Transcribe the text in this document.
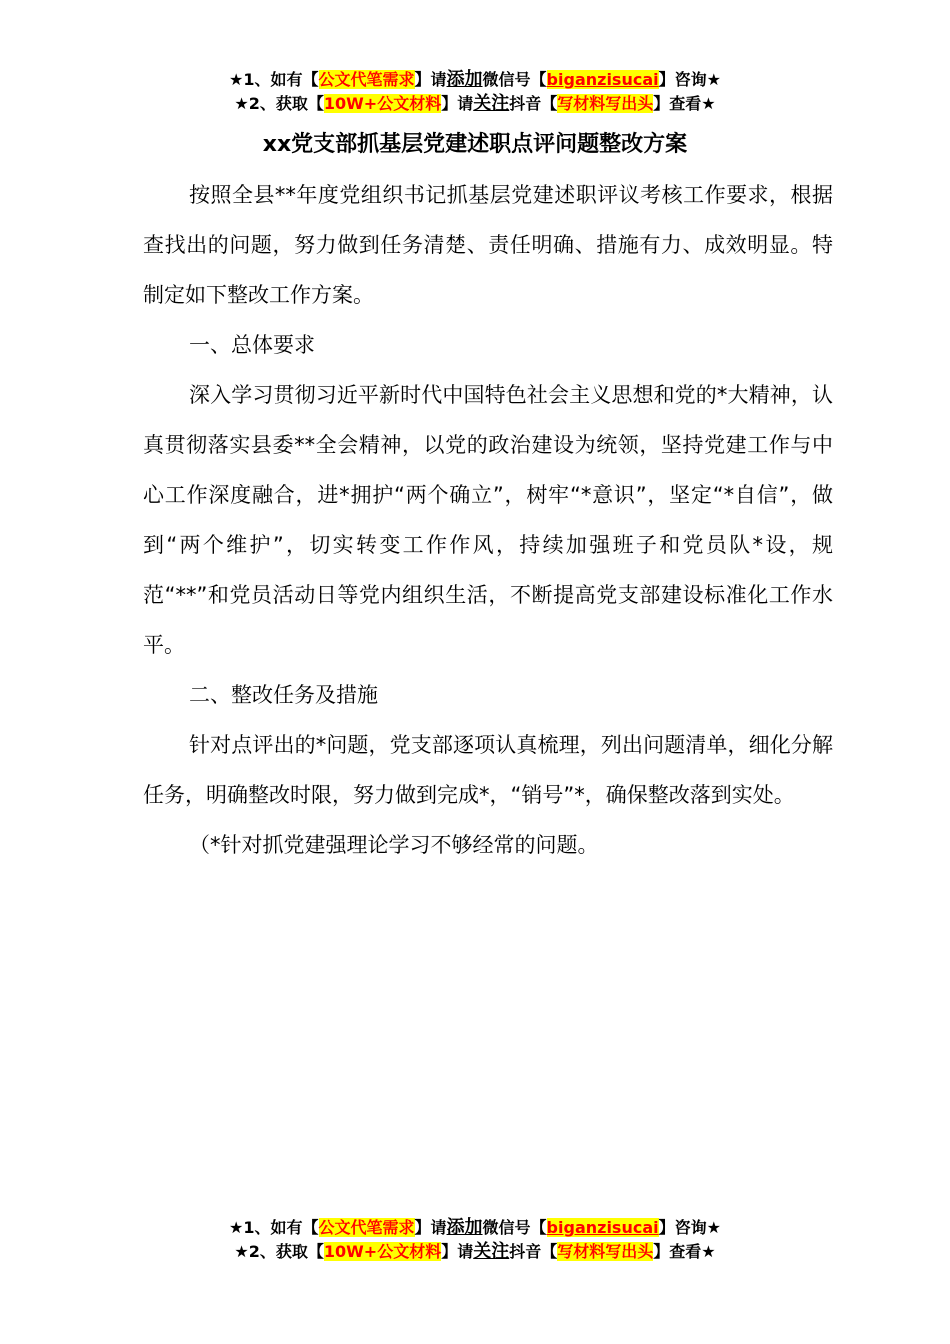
★1、如有【公文代笔需求】请添加微信号【biganzisucai】咨询★
★2、获取【10W+公文材料】请关注抖音【写材料写出头】查看★
xx党支部抓基层党建述职点评问题整改方案

按照全县**年度党组织书记抓基层党建述职评议考核工作要求，根据查找出的问题，努力做到任务清楚、责任明确、措施有力、成效明显。特制定如下整改工作方案。

一、总体要求

深入学习贯彻习近平新时代中国特色社会主义思想和党的*大精神，认真贯彻落实县委**全会精神，以党的政治建设为统领，坚持党建工作与中心工作深度融合，进*拥护“两个确立”，树牢“*意识”，坚定“*自信”，做到“两个维护”，切实转变工作作风，持续加强班子和党员队*设，规范“**”和党员活动日等党内组织生活，不断提高党支部建设标准化工作水平。

二、整改任务及措施

针对点评出的*问题，党支部逐项认真梳理，列出问题清单，细化分解任务，明确整改时限，努力做到完成*，“销号”*，确保整改落到实处。

（*针对抓党建强理论学习不够经常的问题。

★1、如有【公文代笔需求】请添加微信号【biganzisucai】咨询★
★2、获取【10W+公文材料】请关注抖音【写材料写出头】查看★
